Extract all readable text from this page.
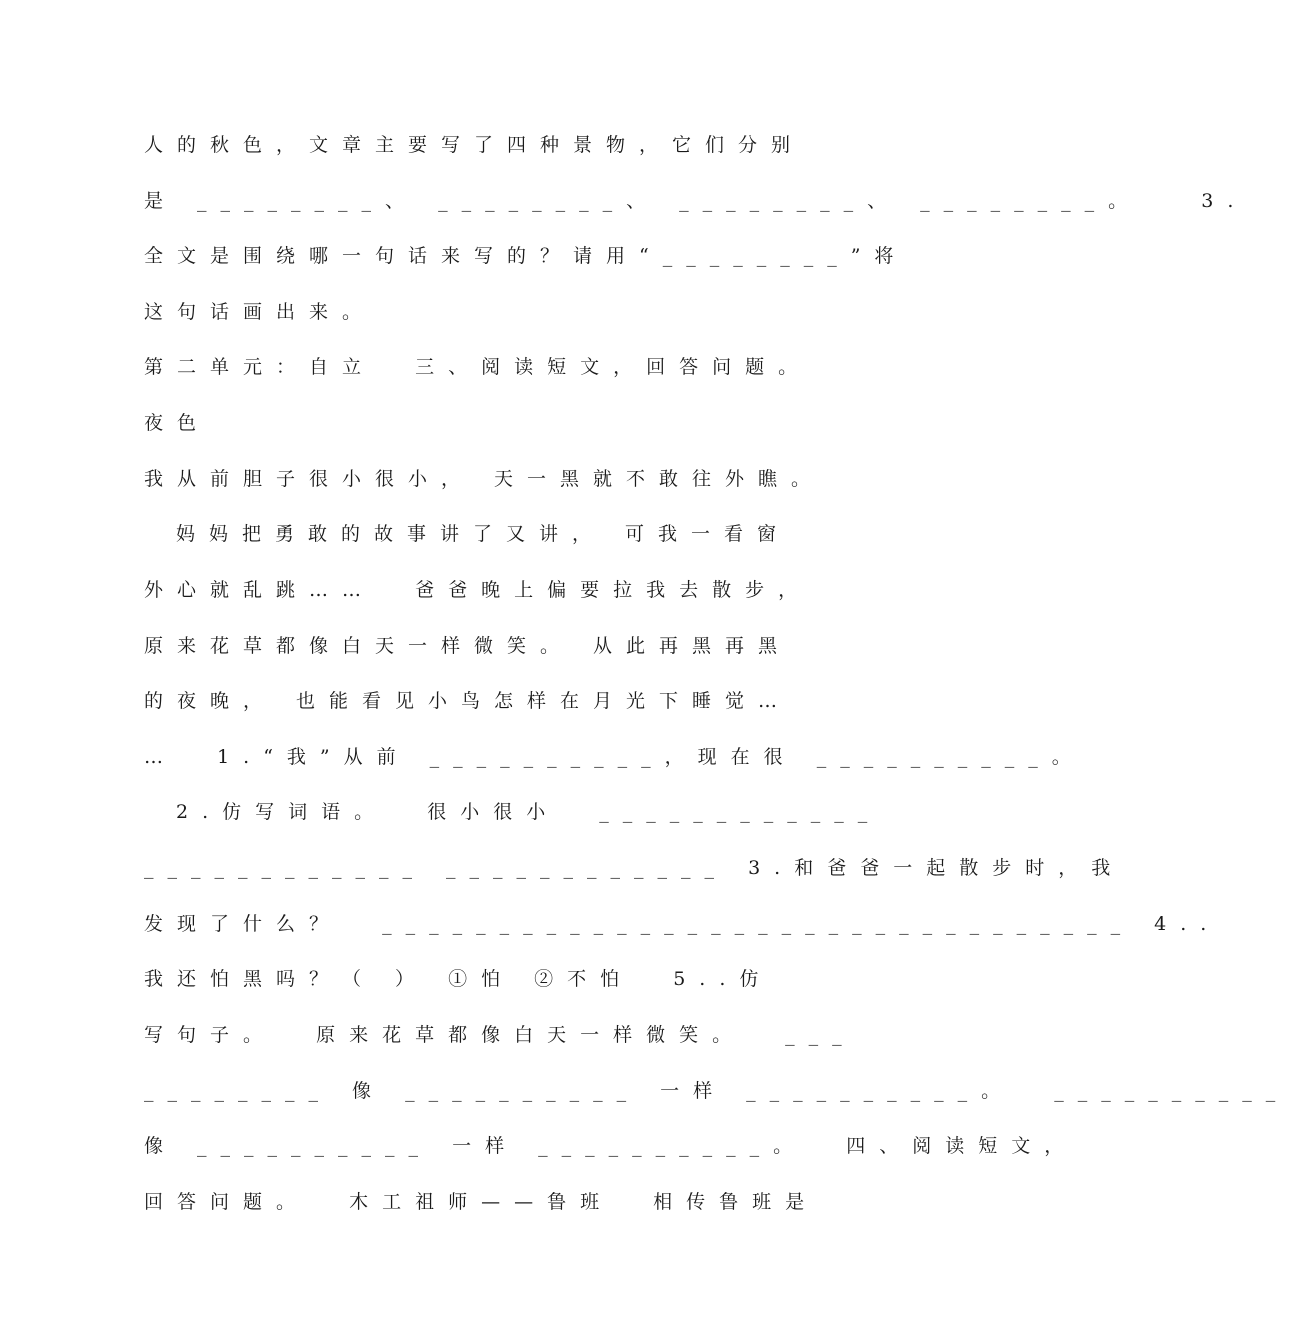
人的秋色，文章主要写了四种景物，它们分别
是 ________、 ________、 ________、 ________。   3.
全文是围绕哪一句话来写的？请用“________”将
这句话画出来。
第二单元：自立  三、阅读短文，回答问题。
夜色
我从前胆子很小很小， 天一黑就不敢往外瞧。
妈妈把勇敢的故事讲了又讲， 可我一看窗
外心就乱跳……  爸爸晚上偏要拉我去散步，
原来花草都像白天一样微笑。 从此再黑再黑
的夜晚， 也能看见小鸟怎样在月光下睡觉…
…  1.“我”从前 __________，现在很 __________。
2.仿写词语。  很小很小  ____________
____________ ____________ 3.和爸爸一起散步时，我
发现了什么？  ________________________________ 4..
我还怕黑吗？（ ） ①怕 ②不怕  5..仿
写句子。  原来花草都像白天一样微笑。  ___
________ 像 __________ 一样 __________。  __________
像 __________ 一样 __________。  四、阅读短文，
回答问题。  木工祖师——鲁班  相传鲁班是
